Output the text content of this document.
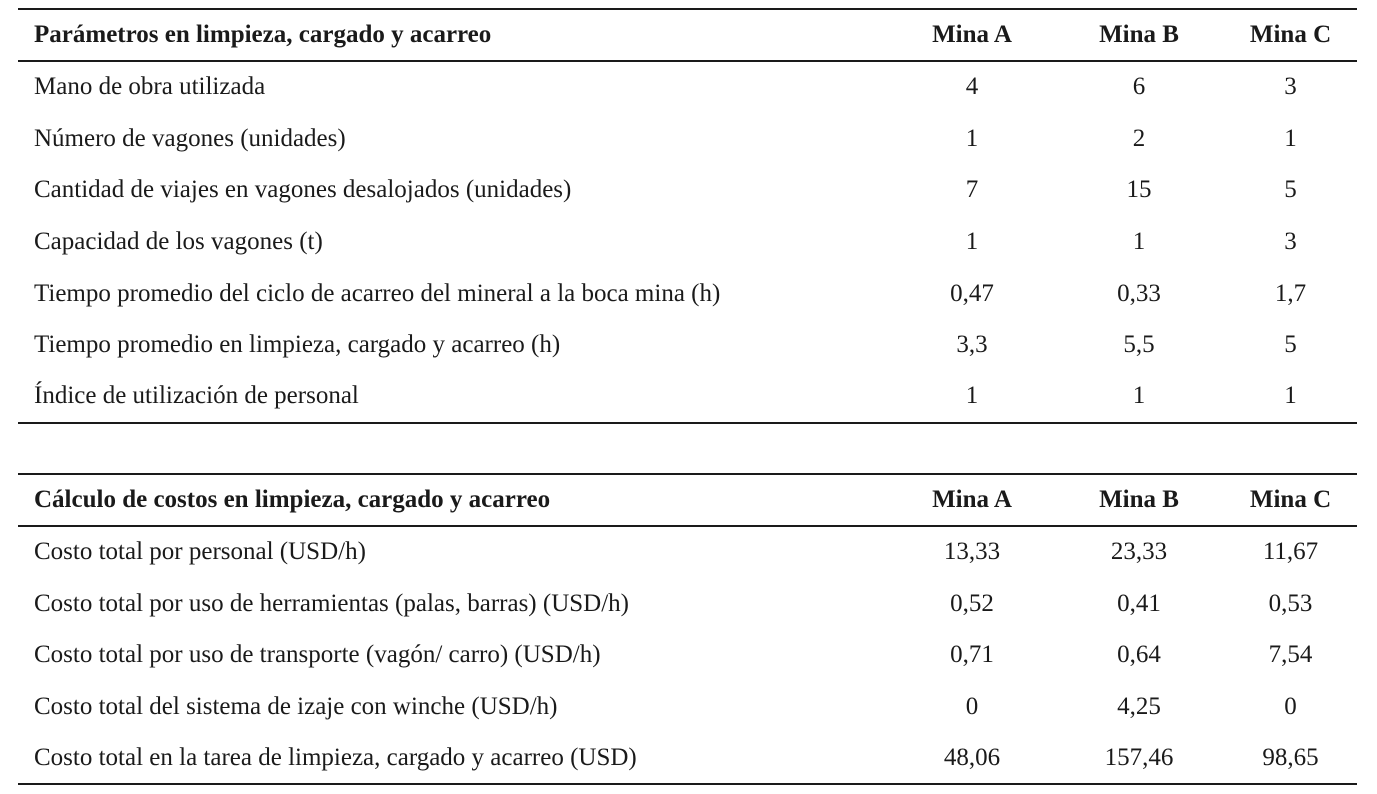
Parámetros en limpieza, cargado y acarreo	Mina A	Mina B	Mina C
Mano de obra utilizada	4	6	3
Número de vagones (unidades)	1	2	1
Cantidad de viajes en vagones desalojados (unidades)	7	15	5
Capacidad de los vagones (t)	1	1	3
Tiempo promedio del ciclo de acarreo del mineral a la boca mina (h)	0,47	0,33	1,7
Tiempo promedio en limpieza, cargado y acarreo (h)	3,3	5,5	5
Índice de utilización de personal	1	1	1
Cálculo de costos en limpieza, cargado y acarreo	Mina A	Mina B	Mina C
Costo total por personal (USD/h)	13,33	23,33	11,67
Costo total por uso de herramientas (palas, barras) (USD/h)	0,52	0,41	0,53
Costo total por uso de transporte (vagón/ carro) (USD/h)	0,71	0,64	7,54
Costo total del sistema de izaje con winche (USD/h)	0	4,25	0
Costo total en la tarea de limpieza, cargado y acarreo (USD)	48,06	157,46	98,65
